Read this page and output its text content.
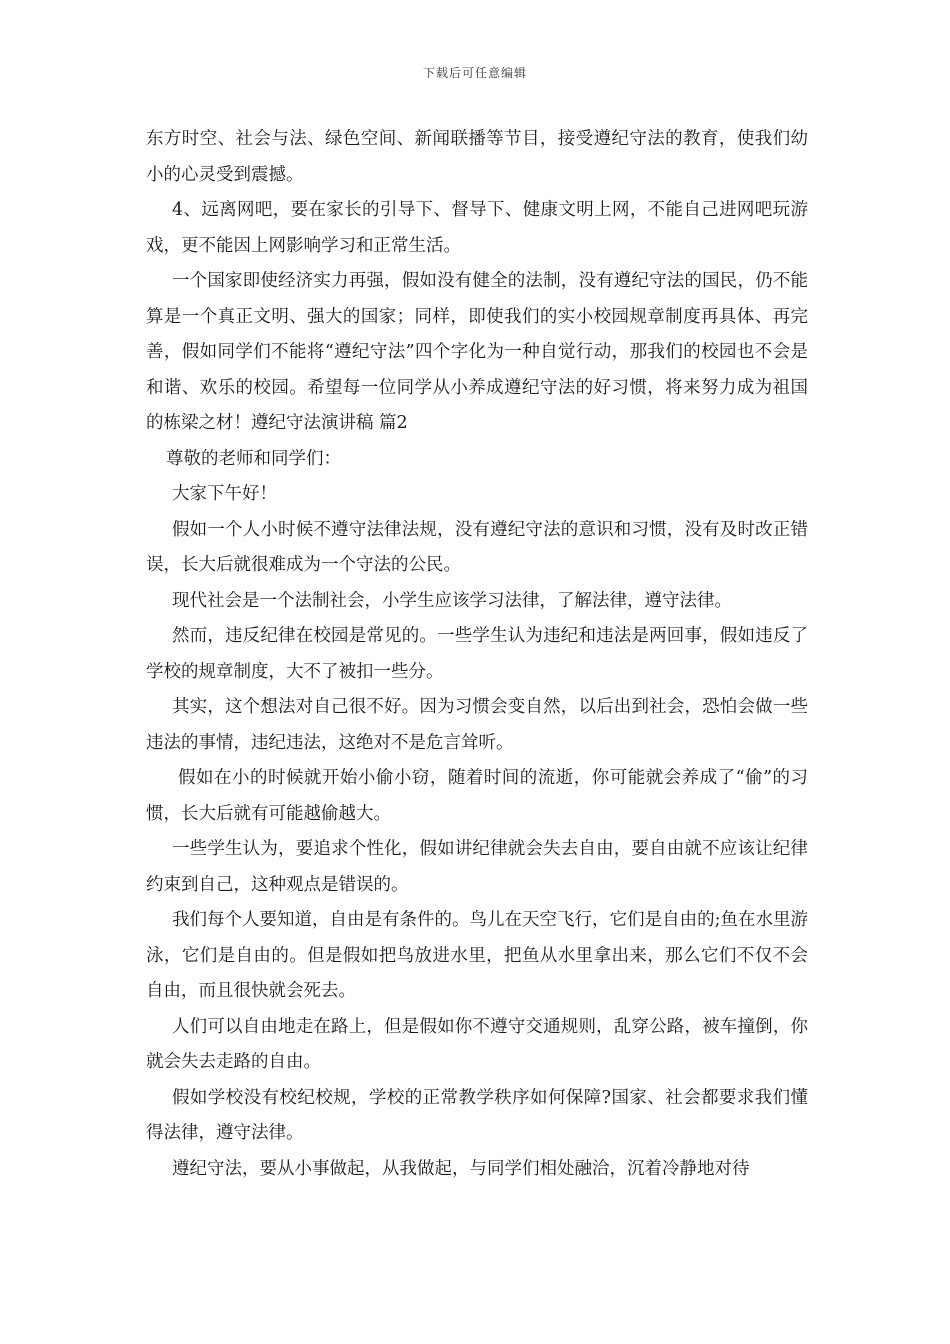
下载后可任意编辑

东方时空、社会与法、绿色空间、新闻联播等节目，接受遵纪守法的教育，使我们幼小的心灵受到震撼。

4、远离网吧，要在家长的引导下、督导下、健康文明上网，不能自己进网吧玩游戏，更不能因上网影响学习和正常生活。

一个国家即使经济实力再强，假如没有健全的法制，没有遵纪守法的国民，仍不能算是一个真正文明、强大的国家；同样，即使我们的实小校园规章制度再具体、再完善，假如同学们不能将“遵纪守法”四个字化为一种自觉行动，那我们的校园也不会是和谐、欢乐的校园。希望每一位同学从小养成遵纪守法的好习惯，将来努力成为祖国的栋梁之材！遵纪守法演讲稿 篇2

尊敬的老师和同学们：

大家下午好！

假如一个人小时候不遵守法律法规，没有遵纪守法的意识和习惯，没有及时改正错误，长大后就很难成为一个守法的公民。

现代社会是一个法制社会，小学生应该学习法律，了解法律，遵守法律。

然而，违反纪律在校园是常见的。一些学生认为违纪和违法是两回事，假如违反了学校的规章制度，大不了被扣一些分。

其实，这个想法对自己很不好。因为习惯会变自然，以后出到社会，恐怕会做一些违法的事情，违纪违法，这绝对不是危言耸听。

假如在小的时候就开始小偷小窃，随着时间的流逝，你可能就会养成了“偷”的习惯，长大后就有可能越偷越大。

一些学生认为，要追求个性化，假如讲纪律就会失去自由，要自由就不应该让纪律约束到自己，这种观点是错误的。

我们每个人要知道，自由是有条件的。鸟儿在天空飞行，它们是自由的;鱼在水里游泳，它们是自由的。但是假如把鸟放进水里，把鱼从水里拿出来，那么它们不仅不会自由，而且很快就会死去。

人们可以自由地走在路上，但是假如你不遵守交通规则，乱穿公路，被车撞倒，你就会失去走路的自由。

假如学校没有校纪校规，学校的正常教学秩序如何保障?国家、社会都要求我们懂得法律，遵守法律。

遵纪守法，要从小事做起，从我做起，与同学们相处融洽，沉着冷静地对待
